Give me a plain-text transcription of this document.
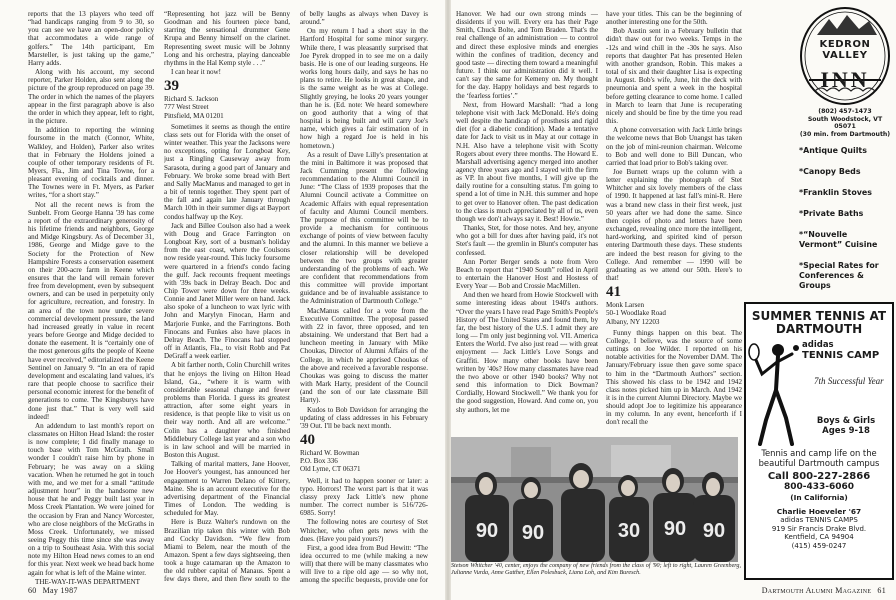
reports that the 13 players who teed off “had handicaps ranging from 9 to 30, so you can see we have an open-door policy that accommodates a wide range of golfers.” The 14th participant, Em Marsteller, is just taking up the game,” Harry adds.

Along with his account, my second reporter, Parker Holden, also sent along the picture of the group reproduced on page 39. The order in which the names of the players appear in the first paragraph above is also the order in which they appear, left to right, in the picture.

In addition to reporting the winning foursome in the match (Connor, White, Walkley, and Holden), Parker also writes that in February the Holdens joined a couple of other temporary residents of Ft. Myers, Fla., Jim and Tina Towne, for a pleasant evening of cocktails and dinner. The Townes were in Ft. Myers, as Parker writes, “for a short stay.”

Not all the recent news is from the Sunbelt. From George Hanna '39 has come a report of the extraordinary generosity of his lifetime friends and neighbors, George and Midge Kingsbury. As of December 31, 1986, George and Midge gave to the Society for the Protection of New Hampshire Forests a conservation easement on their 200-acre farm in Keene which ensures that the land will remain forever free from development, even by subsequent owners, and can be used in perpetuity only for agriculture, recreation, and forestry. In an area of the town now under severe commercial development pressure, the land had increased greatly in value in recent years before George and Midge decided to donate the easement. It is “certainly one of the most generous gifts the people of Keene have ever received,” editorialized the Keene Sentinel on January 9. “In an era of rapid development and escalating land values, it's rare that people choose to sacrifice their personal economic interest for the benefit of generations to come. The Kingsburys have done just that.” That is very well said indeed!

An addendum to last month's report on classmates on Hilton Head Island: the roster is now complete; I did finally manage to touch base with Tom McGrath. Small wonder I couldn't raise him by phone in February; he was away on a skiing vacation. When he returned he got in touch with me, and we met for a small “attitude adjustment hour” in the handsome new house that he and Peggy built last year in Moss Creek Plantation. We were joined for the occasion by Fran and Nancy Worcester, who are close neighbors of the McGraths in Moss Creek. Unfortunately, we missed seeing Peggy this time since she was away on a trip to Southeast Asia. With this social note my Hilton Head news comes to an end for this year. Next week we head back home again for what is left of the Maine winter.

THE-WAY-IT-WAS DEPARTMENT

“Representing hot jazz will be Benny Goodman and his fourteen piece band, starring the sensational drummer Gene Krupa and Benny himself on the clarinet. Representing sweet music will be Johnny Long and his orchestra, playing danceable rhythms in the Hal Kemp style . . .”

I can hear it now!

39
Richard S. Jackson
777 West Street
Pittsfield, MA 01201

Sometimes it seems as though the entire class sets out for Florida with the onset of winter weather. This year the Jacksons were no exceptions, opting for Longboat Key, just a Ringling Causeway away from Sarasota, during a good part of January and February. We broke some bread with Bert and Sally MacManus and managed to get in a bit of tennis together. They spent part of the fall and again late January through March 10th in their summer digs at Bayport condos halfway up the Key.

Jack and Billee Coulson also had a week with Doug and Grace Farrington on Longboat Key, sort of a busman's holiday from the east coast, where the Coulsons now reside year-round. This lucky foursome were quartered in a friend's condo facing the gulf. Jack recounts frequent meetings with '39s back in Delray Beach. Doc and Chip Tower were down for three weeks. Connie and Janet Miller were on hand. Jack also spoke of a luncheon to wax lyric with John and Marylyn Finocan, Harm and Marjorie Funke, and the Farringtons. Both Finocans and Funkes also have places in Delray Beach. The Finocans had stopped off in Atlantis, Fla., to visit Robb and Pat DeGraff a week earlier.

A bit farther north, Colin Churchill writes that he enjoys the living on Hilton Head Island, Ga., “where it is warm with considerable seasonal change and fewer problems than Florida. I guess its greatest attraction, after some eight years in residence, is that people like to visit us on their way north. And all are welcome.” Colin has a daughter who finished Middlebury College last year and a son who is in law school and will be married in Boston this August.

Talking of marital matters, Jane Hoover, Joe Hoover's youngest, has announced her engagement to Warren DeIano of Kittery, Maine. She is an account executive for the advertising department of the Financial Times of London. The wedding is scheduled for May.

Here is Buzz Walter's rundown on the Brazilian trip taken this winter with Bob and Cocky Davidson. “We flew from Miami to Belem, near the mouth of the Amazon. Spent a few days sightseeing, then took a huge catamaran up the Amazon to the old rubber capital of Manaus. Spent a few days there, and then flew south to the

of belly laughs as always when Davey is around.”

On my return I had a short stay in the Hartford Hospital for some minor surgery. While there, I was pleasantly surprised that Joe Pyrek dropped in to see me on a daily basis. He is one of our leading surgeons. He works long hours daily, and says he has no plans to retire. He looks in great shape, and is the same weight as he was at College. Slightly greying, he looks 20 years younger than he is. (Ed. note: We heard somewhere on good authority that a wing of that hospital is being built and will carry Joe's name, which gives a fair estimation of in how high a regard Joe is held in his hometown.)

As a result of Dave Lilly's presentation at the mini in Baltimore it was proposed that Jack Cumming present the following recommendation to the Alumni Council in June: “The Class of 1939 proposes that the Alumni Council activate a Committee on Academic Affairs with equal representation of faculty and Alumni Council members. The purpose of this committee will be to provide a mechanism for continuous exchange of points of view between faculty and the alumni. In this manner we believe a closer relationship will be developed between the two groups with greater understanding of the problems of each. We are confident that recommendations from this committee will provide important guidance and be of invaluable assistance to the Administration of Dartmouth College.”

MacManus called for a vote from the Executive Committee. The proposal passed with 22 in favor, three opposed, and ten abstaining. We understand that Bert had a luncheon meeting in January with Mike Choukas, Director of Alumni Affairs of the College, in which he apprised Choukas of the above and received a favorable response. Choukas was going to discuss the matter with Mark Harty, president of the Council (and the son of our late classmate Bill Harty).

Kudos to Bob Davidson for arranging the updating of class addresses in his February '39 Out. I'll be back next month.

40
Richard W. Bowman
P.O. Box 336
Old Lyme, CT 06371

Well, it had to happen sooner or later: a typo. Horrors! The worst part is that it was classy prexy Jack Little's new phone number. The correct number is 516/726-6985. Sorry!

The following notes are courtesy of Stet Whitcher, who often gets news with the dues. (Have you paid yours?)

First, a good idea from Bud Hewitt: “The idea occurred to me (while making a new will) that there will be many classmates who will live to a ripe old age — so why not, among the specific bequests, provide one for

60 May 1987

Hanover. We had our own strong minds — dissidents if you will. Every era has their Page Smith, Chuck Bolte, and Tom Braden. That's the real challenge of an administration — to control and direct these explosive minds and energies within the confines of tradition, decency and good taste — directing them toward a meaningful future. I think our administration did it well. I can't say the same for Kemeny on. My thought for the day. Happy holidays and best regards to the ‘fearless forties’.”

Next, from Howard Marshall: “had a long telephone visit with Jack McDonald. He's doing well despite the handicap of prosthesis and rigid diet (for a diabetic condition). Made a tentative date for Jack to visit us in May at our cottage in N.H. Also have a telephone visit with Scotty Rogers about every three months. The Howard E. Marshall advertising agency merged into another agency three years ago and I stayed with the firm as VP. In about five months, I will give up the daily routine for a consulting status. I'm going to spend a lot of time in N.H. this summer and hope to get over to Hanover often. The past dedication to the class is much appreciated by all of us, even though we don't always say it. Best! Howie.”

Thanks, Stet, for those notes. And hey, anyone who got a bill for dues after having paid, it's not Stet's fault — the gremlin in Blunt's computer has confessed.

Ann Porter Berger sends a note from Vero Beach to report that “1940 South” rolled in April to entertain the Hanover Host and Hostess of Every Year — Bob and Crossie MacMillen.

And then we heard from Howie Stockwell with some interesting ideas about 1940's authors. “Over the years I have read Page Smith's People's History of The United States and found them, by far, the best history of the U.S. I admit they are long — I'm only just beginning vol. VII. America Enters the World. I've also just read — with great enjoyment — Jack Little's Love Songs and Graffiti. How many other books have been written by '40s? How many classmates have read the two above or other 1940 books? Why not send this information to Dick Bowman? Cordially, Howard Stockwell.” We thank you for the good suggestion, Howard. And come on, you shy authors, let me

have your titles. This can be the beginning of another interesting one for the 50th.

Bob Austin sent in a February bulletin that didn't thaw out for two weeks. Temps in the -12s and wind chill in the -30s he says. Also reports that daughter Pat has presented Helen with another grandson, Robin. This makes a total of six and their daughter Lisa is expecting in August. Bob's wife, June, hit the deck with pneumonia and spent a week in the hospital before getting clearance to come home. I called in March to learn that June is recuperating nicely and should be fine by the time you read this.

A phone conversation with Jack Little brings the welcome news that Bob Unangst has taken on the job of mini-reunion chairman. Welcome to Bob and well done to Bill Duncan, who carried that load prior to Bob's taking over.

Joe Burnett wraps up the column with a letter explaining the photograph of Stet Whitcher and six lovely members of the class of 1990. It happened at last fall's mini-R. Here was a brand new class in their first week, just 50 years after we had done the same. Since then copies of photo and letters have been exchanged, revealing once more the intelligent, hard-working, and spirited kind of person entering Dartmouth these days. These students are indeed the best reason for giving to the College. And remember — 1990 will be graduating as we attend our 50th. Here's to that!

41
Monk Larsen
50-1 Woodlake Road
Albany, NY 12203

Funny things happen on this beat. The College, I believe, was the source of some cuttings on Joe Wilder. I reported on his notable activities for the November DAM. The January/February issue then gave some space to him in the “Dartmouth Authors” section. This showed his class to be 1942 and 1942 class notes picked him up in March. And 1942 it is in the current Alumni Directory. Maybe we should adopt Joe to legitimize his appearance in my column. In any event, henceforth if I don't recall the

Dartmouth Alumni Magazine 61
90 90	30 90 90
Stetson Whitcher '40, center, enjoys the company of new friends from the class of '90; left to right, Lauren Greenberg, Julianne Vurda, Anne Gatther, Ellen Polesbuck, Liana Loh, and Kim Buresch.
KEDRON VALLEY
INN
(802) 457-1473
South Woodstock, VT 05071
(30 min. from Dartmouth)
*Antique Quilts
*Canopy Beds
*Franklin Stoves
*Private Baths
*“Nouvelle Vermont” Cuisine
*Special Rates for Conferences & Groups
SUMMER TENNIS AT DARTMOUTH
adidas
TENNIS CAMP
7th Successful Year
Boys & Girls Ages 9-18
Tennis and camp life on the beautiful Dartmouth campus
Call 800-227-2866
800-433-6060
(In California)
Charlie Hoeveler '67
adidas TENNIS CAMPS
919 Sir Francis Drake Blvd.
Kentfield, CA 94904
(415) 459-0247
